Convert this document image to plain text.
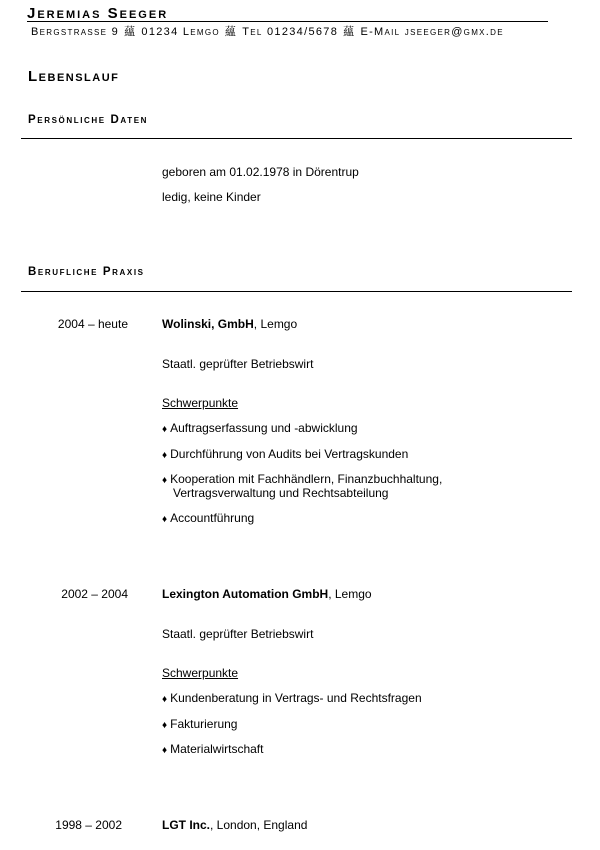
Jeremias Seeger
Bergstrasse 9 蘊 01234 Lemgo 蘊 Tel 01234/5678 蘊 E-Mail jseeger@gmx.de
Lebenslauf
Persönliche Daten
geboren am 01.02.1978 in Dörentrup
ledig, keine Kinder
Berufliche Praxis
2004 – heute	Wolinski, GmbH, Lemgo
Staatl. geprüfter Betriebswirt
Schwerpunkte
♦ Auftragserfassung und -abwicklung
♦ Durchführung von Audits bei Vertragskunden
♦ Kooperation mit Fachhändlern, Finanzbuchhaltung,
Vertragsverwaltung und Rechtsabteilung
♦ Accountführung
2002 – 2004	Lexington Automation GmbH, Lemgo
Staatl. geprüfter Betriebswirt
Schwerpunkte
♦ Kundenberatung in Vertrags- und Rechtsfragen
♦ Fakturierung
♦ Materialwirtschaft
1998 – 2002	LGT Inc., London, England
